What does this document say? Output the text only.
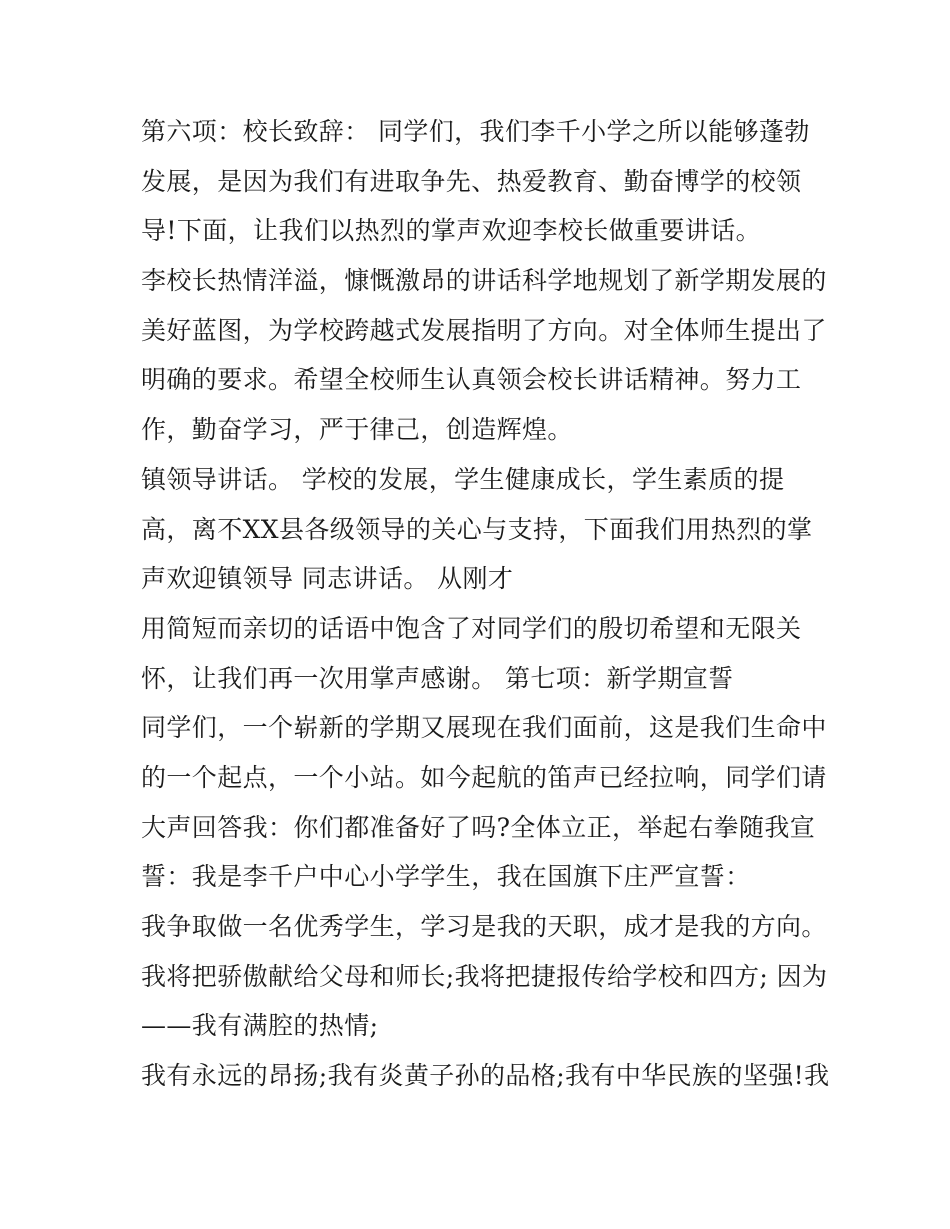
第六项：校长致辞： 同学们，我们李千小学之所以能够蓬勃
发展，是因为我们有进取争先、热爱教育、勤奋博学的校领
导!下面，让我们以热烈的掌声欢迎李校长做重要讲话。
李校长热情洋溢，慷慨激昂的讲话科学地规划了新学期发展的
美好蓝图，为学校跨越式发展指明了方向。对全体师生提出了
明确的要求。希望全校师生认真领会校长讲话精神。努力工
作，勤奋学习，严于律己，创造辉煌。
镇领导讲话。 学校的发展，学生健康成长，学生素质的提
高，离不XX县各级领导的关心与支持，下面我们用热烈的掌
声欢迎镇领导 同志讲话。 从刚才
用简短而亲切的话语中饱含了对同学们的殷切希望和无限关
怀，让我们再一次用掌声感谢。 第七项：新学期宣誓
同学们，一个崭新的学期又展现在我们面前，这是我们生命中
的一个起点，一个小站。如今起航的笛声已经拉响，同学们请
大声回答我：你们都准备好了吗?全体立正，举起右拳随我宣
誓：我是李千户中心小学学生，我在国旗下庄严宣誓：
我争取做一名优秀学生，学习是我的天职，成才是我的方向。
我将把骄傲献给父母和师长;我将把捷报传给学校和四方; 因为
——我有满腔的热情;
我有永远的昂扬;我有炎黄子孙的品格;我有中华民族的坚强!我
